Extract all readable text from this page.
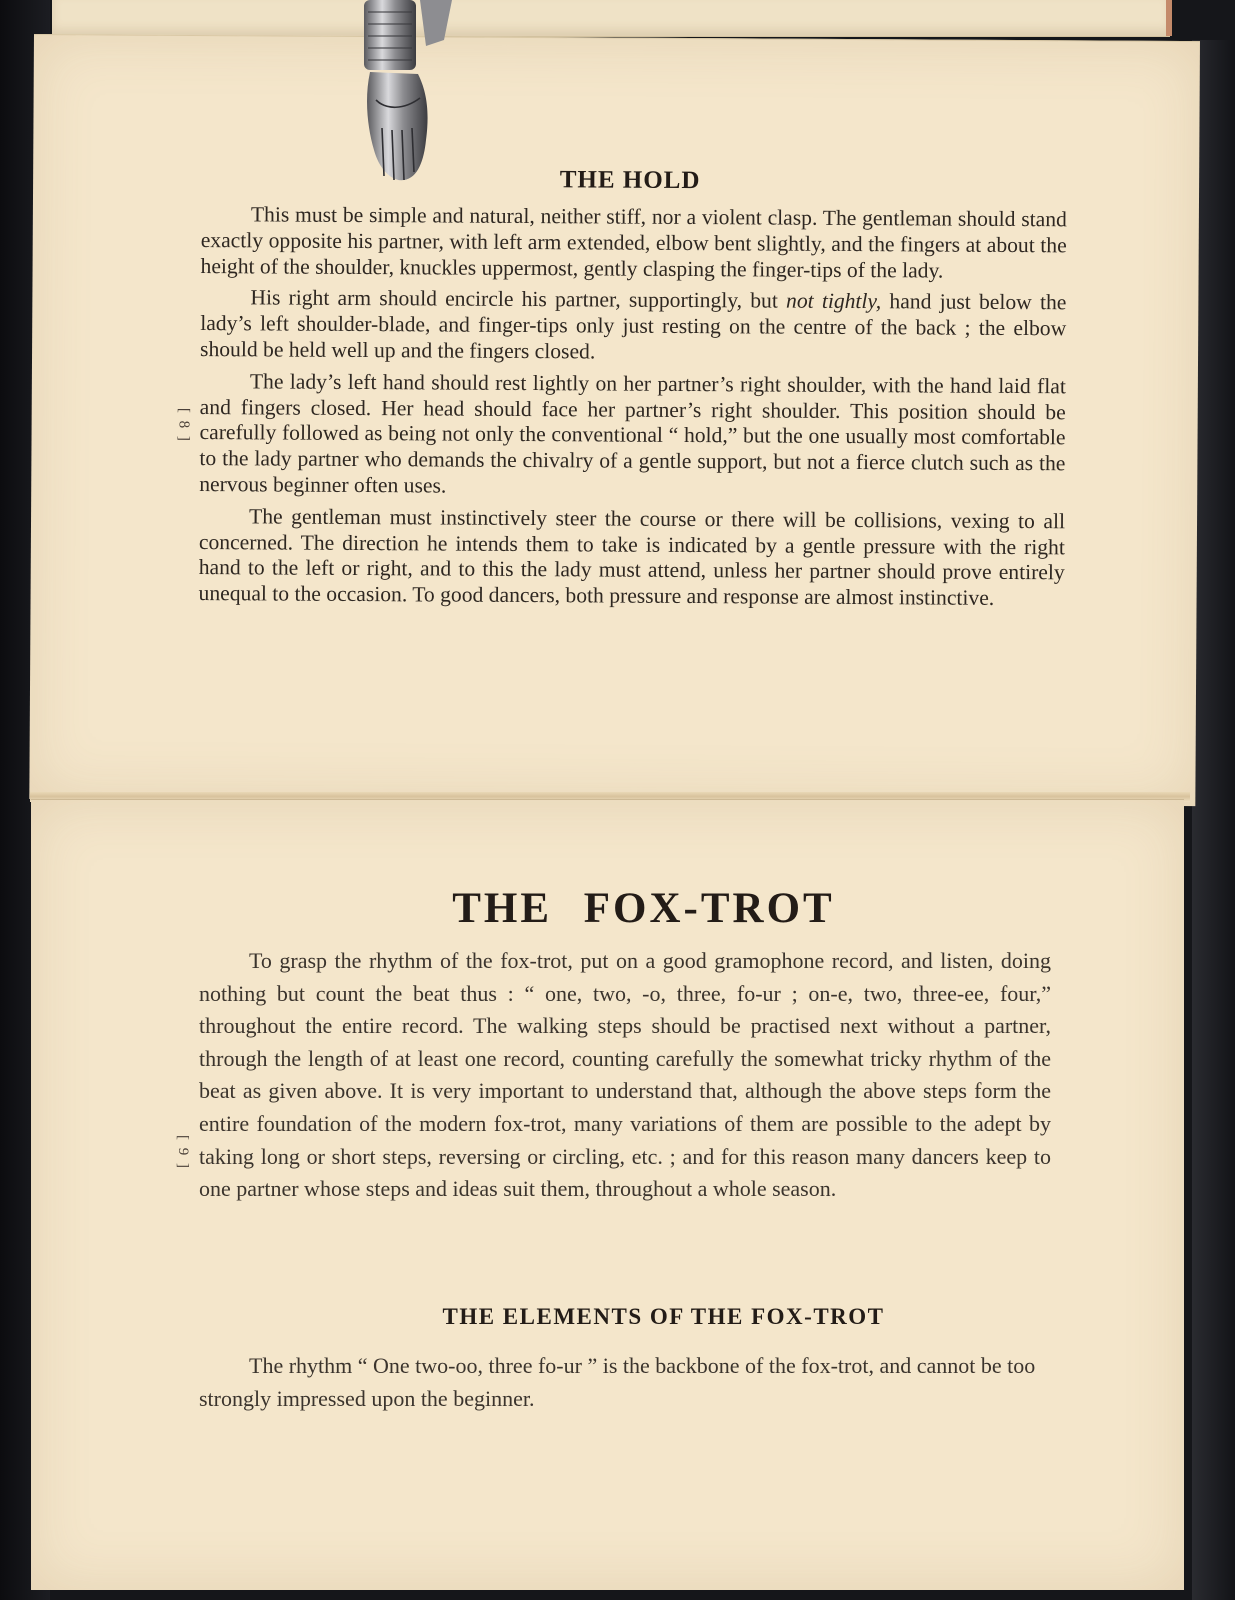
THE HOLD
[ 8 ]

This must be simple and natural, neither stiff, nor a violent clasp. The gentleman should stand exactly opposite his partner, with left arm extended, elbow bent slightly, and the fingers at about the height of the shoulder, knuckles uppermost, gently clasping the finger-tips of the lady.

His right arm should encircle his partner, supportingly, but not tightly, hand just below the lady’s left shoulder-blade, and finger-tips only just resting on the centre of the back ; the elbow should be held well up and the fingers closed.

The lady’s left hand should rest lightly on her partner’s right shoulder, with the hand laid flat and fingers closed. Her head should face her partner’s right shoulder. This position should be carefully followed as being not only the conventional “ hold,” but the one usually most comfortable to the lady partner who demands the chivalry of a gentle support, but not a fierce clutch such as the nervous beginner often uses.

The gentleman must instinctively steer the course or there will be collisions, vexing to all concerned. The direction he intends them to take is indicated by a gentle pressure with the right hand to the left or right, and to this the lady must attend, unless her partner should prove entirely unequal to the occasion. To good dancers, both pressure and response are almost instinctive.

THE FOX-TROT
[ 9 ]

To grasp the rhythm of the fox-trot, put on a good gramophone record, and listen, doing nothing but count the beat thus : “ one, two, -o, three, fo-ur ; on-e, two, three-ee, four,” throughout the entire record. The walking steps should be practised next without a partner, through the length of at least one record, counting carefully the somewhat tricky rhythm of the beat as given above. It is very important to understand that, although the above steps form the entire foundation of the modern fox-trot, many variations of them are possible to the adept by taking long or short steps, reversing or circling, etc. ; and for this reason many dancers keep to one partner whose steps and ideas suit them, throughout a whole season.

THE ELEMENTS OF THE FOX-TROT

The rhythm “ One two-oo, three fo-ur ” is the backbone of the fox-trot, and cannot be too strongly impressed upon the beginner.
